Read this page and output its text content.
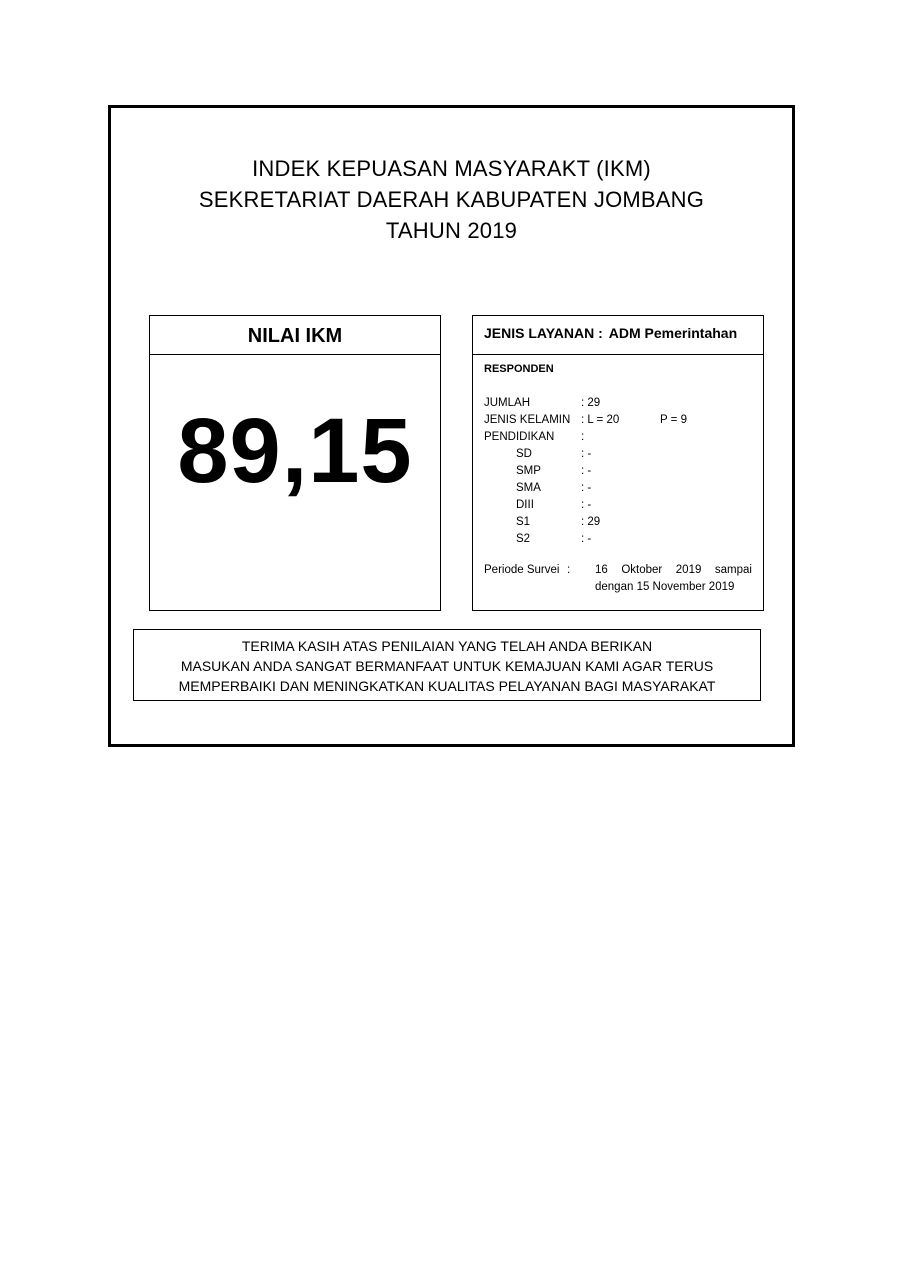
INDEK KEPUASAN MASYARAKT (IKM)
SEKRETARIAT DAERAH KABUPATEN JOMBANG
TAHUN 2019
NILAI IKM
89,15
JENIS LAYANAN : ADM Pemerintahan
RESPONDEN
JUMLAH	: 29
JENIS KELAMIN : L = 20	P = 9
PENDIDIKAN :
SD	: -
SMP	: -
SMA	: -
DIII	: -
S1	: 29
S2	: -
Periode Survei : 16 Oktober 2019 sampai
dengan 15 November 2019
TERIMA KASIH ATAS PENILAIAN YANG TELAH ANDA BERIKAN
MASUKAN ANDA SANGAT BERMANFAAT UNTUK KEMAJUAN KAMI AGAR TERUS
MEMPERBAIKI DAN MENINGKATKAN KUALITAS PELAYANAN BAGI MASYARAKAT
